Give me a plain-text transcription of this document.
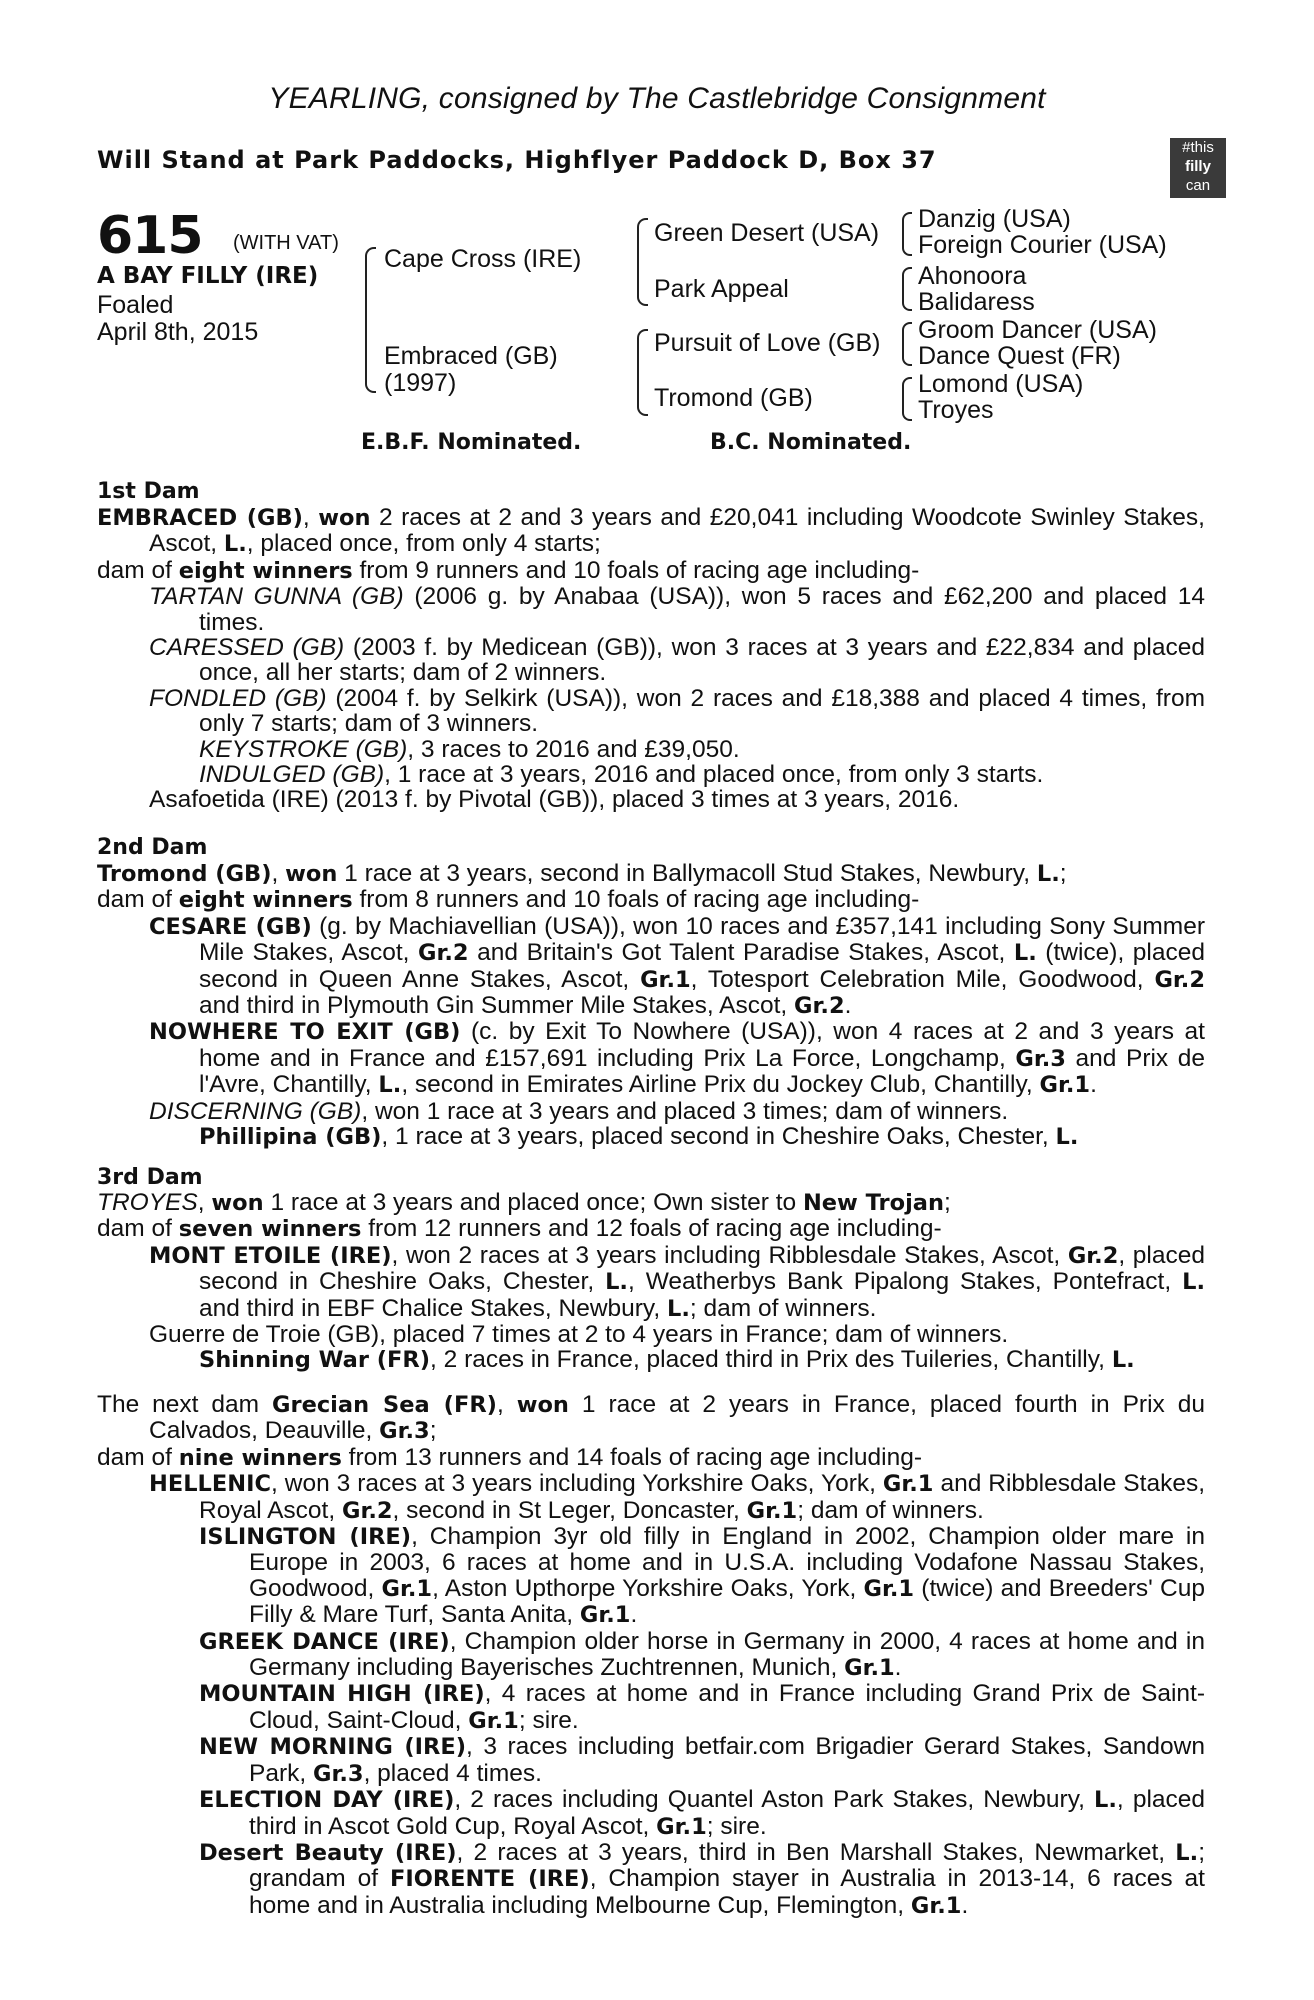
YEARLING, consigned by The Castlebridge Consignment
Will Stand at Park Paddocks, Highflyer Paddock D, Box 37	#this
filly
can
615 (WITH VAT)
A BAY FILLY (IRE)
Foaled
April 8th, 2015
Cape Cross (IRE)
Embraced (GB)
(1997)
Green Desert (USA)
Park Appeal
Pursuit of Love (GB)
Tromond (GB)
Danzig (USA)
Foreign Courier (USA)
Ahonoora
Balidaress
Groom Dancer (USA)
Dance Quest (FR)
Lomond (USA)
Troyes
E.B.F. Nominated.	B.C. Nominated.
1st Dam

EMBRACED (GB), won 2 races at 2 and 3 years and £20,041 including Woodcote Swinley Stakes, Ascot, L., placed once, from only 4 starts;

dam of eight winners from 9 runners and 10 foals of racing age including-

TARTAN GUNNA (GB) (2006 g. by Anabaa (USA)), won 5 races and £62,200 and placed 14 times.

CARESSED (GB) (2003 f. by Medicean (GB)), won 3 races at 3 years and £22,834 and placed once, all her starts; dam of 2 winners.

FONDLED (GB) (2004 f. by Selkirk (USA)), won 2 races and £18,388 and placed 4 times, from only 7 starts; dam of 3 winners.

KEYSTROKE (GB), 3 races to 2016 and £39,050.

INDULGED (GB), 1 race at 3 years, 2016 and placed once, from only 3 starts.

Asafoetida (IRE) (2013 f. by Pivotal (GB)), placed 3 times at 3 years, 2016.

2nd Dam

Tromond (GB), won 1 race at 3 years, second in Ballymacoll Stud Stakes, Newbury, L.;

dam of eight winners from 8 runners and 10 foals of racing age including-

CESARE (GB) (g. by Machiavellian (USA)), won 10 races and £357,141 including Sony Summer Mile Stakes, Ascot, Gr.2 and Britain's Got Talent Paradise Stakes, Ascot, L. (twice), placed second in Queen Anne Stakes, Ascot, Gr.1, Totesport Celebration Mile, Goodwood, Gr.2 and third in Plymouth Gin Summer Mile Stakes, Ascot, Gr.2.

NOWHERE TO EXIT (GB) (c. by Exit To Nowhere (USA)), won 4 races at 2 and 3 years at home and in France and £157,691 including Prix La Force, Longchamp, Gr.3 and Prix de l'Avre, Chantilly, L., second in Emirates Airline Prix du Jockey Club, Chantilly, Gr.1.

DISCERNING (GB), won 1 race at 3 years and placed 3 times; dam of winners.

Phillipina (GB), 1 race at 3 years, placed second in Cheshire Oaks, Chester, L.

3rd Dam

TROYES, won 1 race at 3 years and placed once; Own sister to New Trojan;

dam of seven winners from 12 runners and 12 foals of racing age including-

MONT ETOILE (IRE), won 2 races at 3 years including Ribblesdale Stakes, Ascot, Gr.2, placed second in Cheshire Oaks, Chester, L., Weatherbys Bank Pipalong Stakes, Pontefract, L. and third in EBF Chalice Stakes, Newbury, L.; dam of winners.

Guerre de Troie (GB), placed 7 times at 2 to 4 years in France; dam of winners.

Shinning War (FR), 2 races in France, placed third in Prix des Tuileries, Chantilly, L.

The next dam Grecian Sea (FR), won 1 race at 2 years in France, placed fourth in Prix du Calvados, Deauville, Gr.3;

dam of nine winners from 13 runners and 14 foals of racing age including-

HELLENIC, won 3 races at 3 years including Yorkshire Oaks, York, Gr.1 and Ribblesdale Stakes, Royal Ascot, Gr.2, second in St Leger, Doncaster, Gr.1; dam of winners.

ISLINGTON (IRE), Champion 3yr old filly in England in 2002, Champion older mare in Europe in 2003, 6 races at home and in U.S.A. including Vodafone Nassau Stakes, Goodwood, Gr.1, Aston Upthorpe Yorkshire Oaks, York, Gr.1 (twice) and Breeders' Cup Filly & Mare Turf, Santa Anita, Gr.1.

GREEK DANCE (IRE), Champion older horse in Germany in 2000, 4 races at home and in Germany including Bayerisches Zuchtrennen, Munich, Gr.1.

MOUNTAIN HIGH (IRE), 4 races at home and in France including Grand Prix de Saint-Cloud, Saint-Cloud, Gr.1; sire.

NEW MORNING (IRE), 3 races including betfair.com Brigadier Gerard Stakes, Sandown Park, Gr.3, placed 4 times.

ELECTION DAY (IRE), 2 races including Quantel Aston Park Stakes, Newbury, L., placed third in Ascot Gold Cup, Royal Ascot, Gr.1; sire.

Desert Beauty (IRE), 2 races at 3 years, third in Ben Marshall Stakes, Newmarket, L.; grandam of FIORENTE (IRE), Champion stayer in Australia in 2013-14, 6 races at home and in Australia including Melbourne Cup, Flemington, Gr.1.
